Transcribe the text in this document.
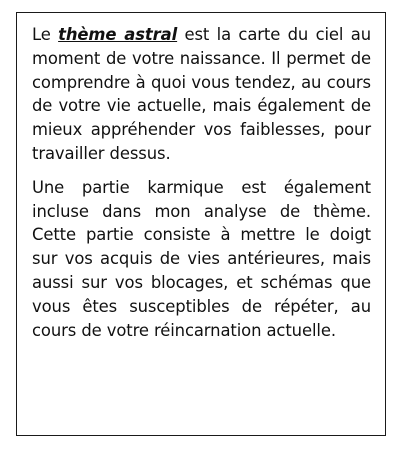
Le thème astral est la carte du ciel au moment de votre naissance. Il permet de comprendre à quoi vous tendez, au cours de votre vie actuelle, mais également de mieux appréhender vos faiblesses, pour travailler dessus.

Une partie karmique est également incluse dans mon analyse de thème. Cette partie consiste à mettre le doigt sur vos acquis de vies antérieures, mais aussi sur vos blocages, et schémas que vous êtes susceptibles de répéter, au cours de votre réincarnation actuelle.
